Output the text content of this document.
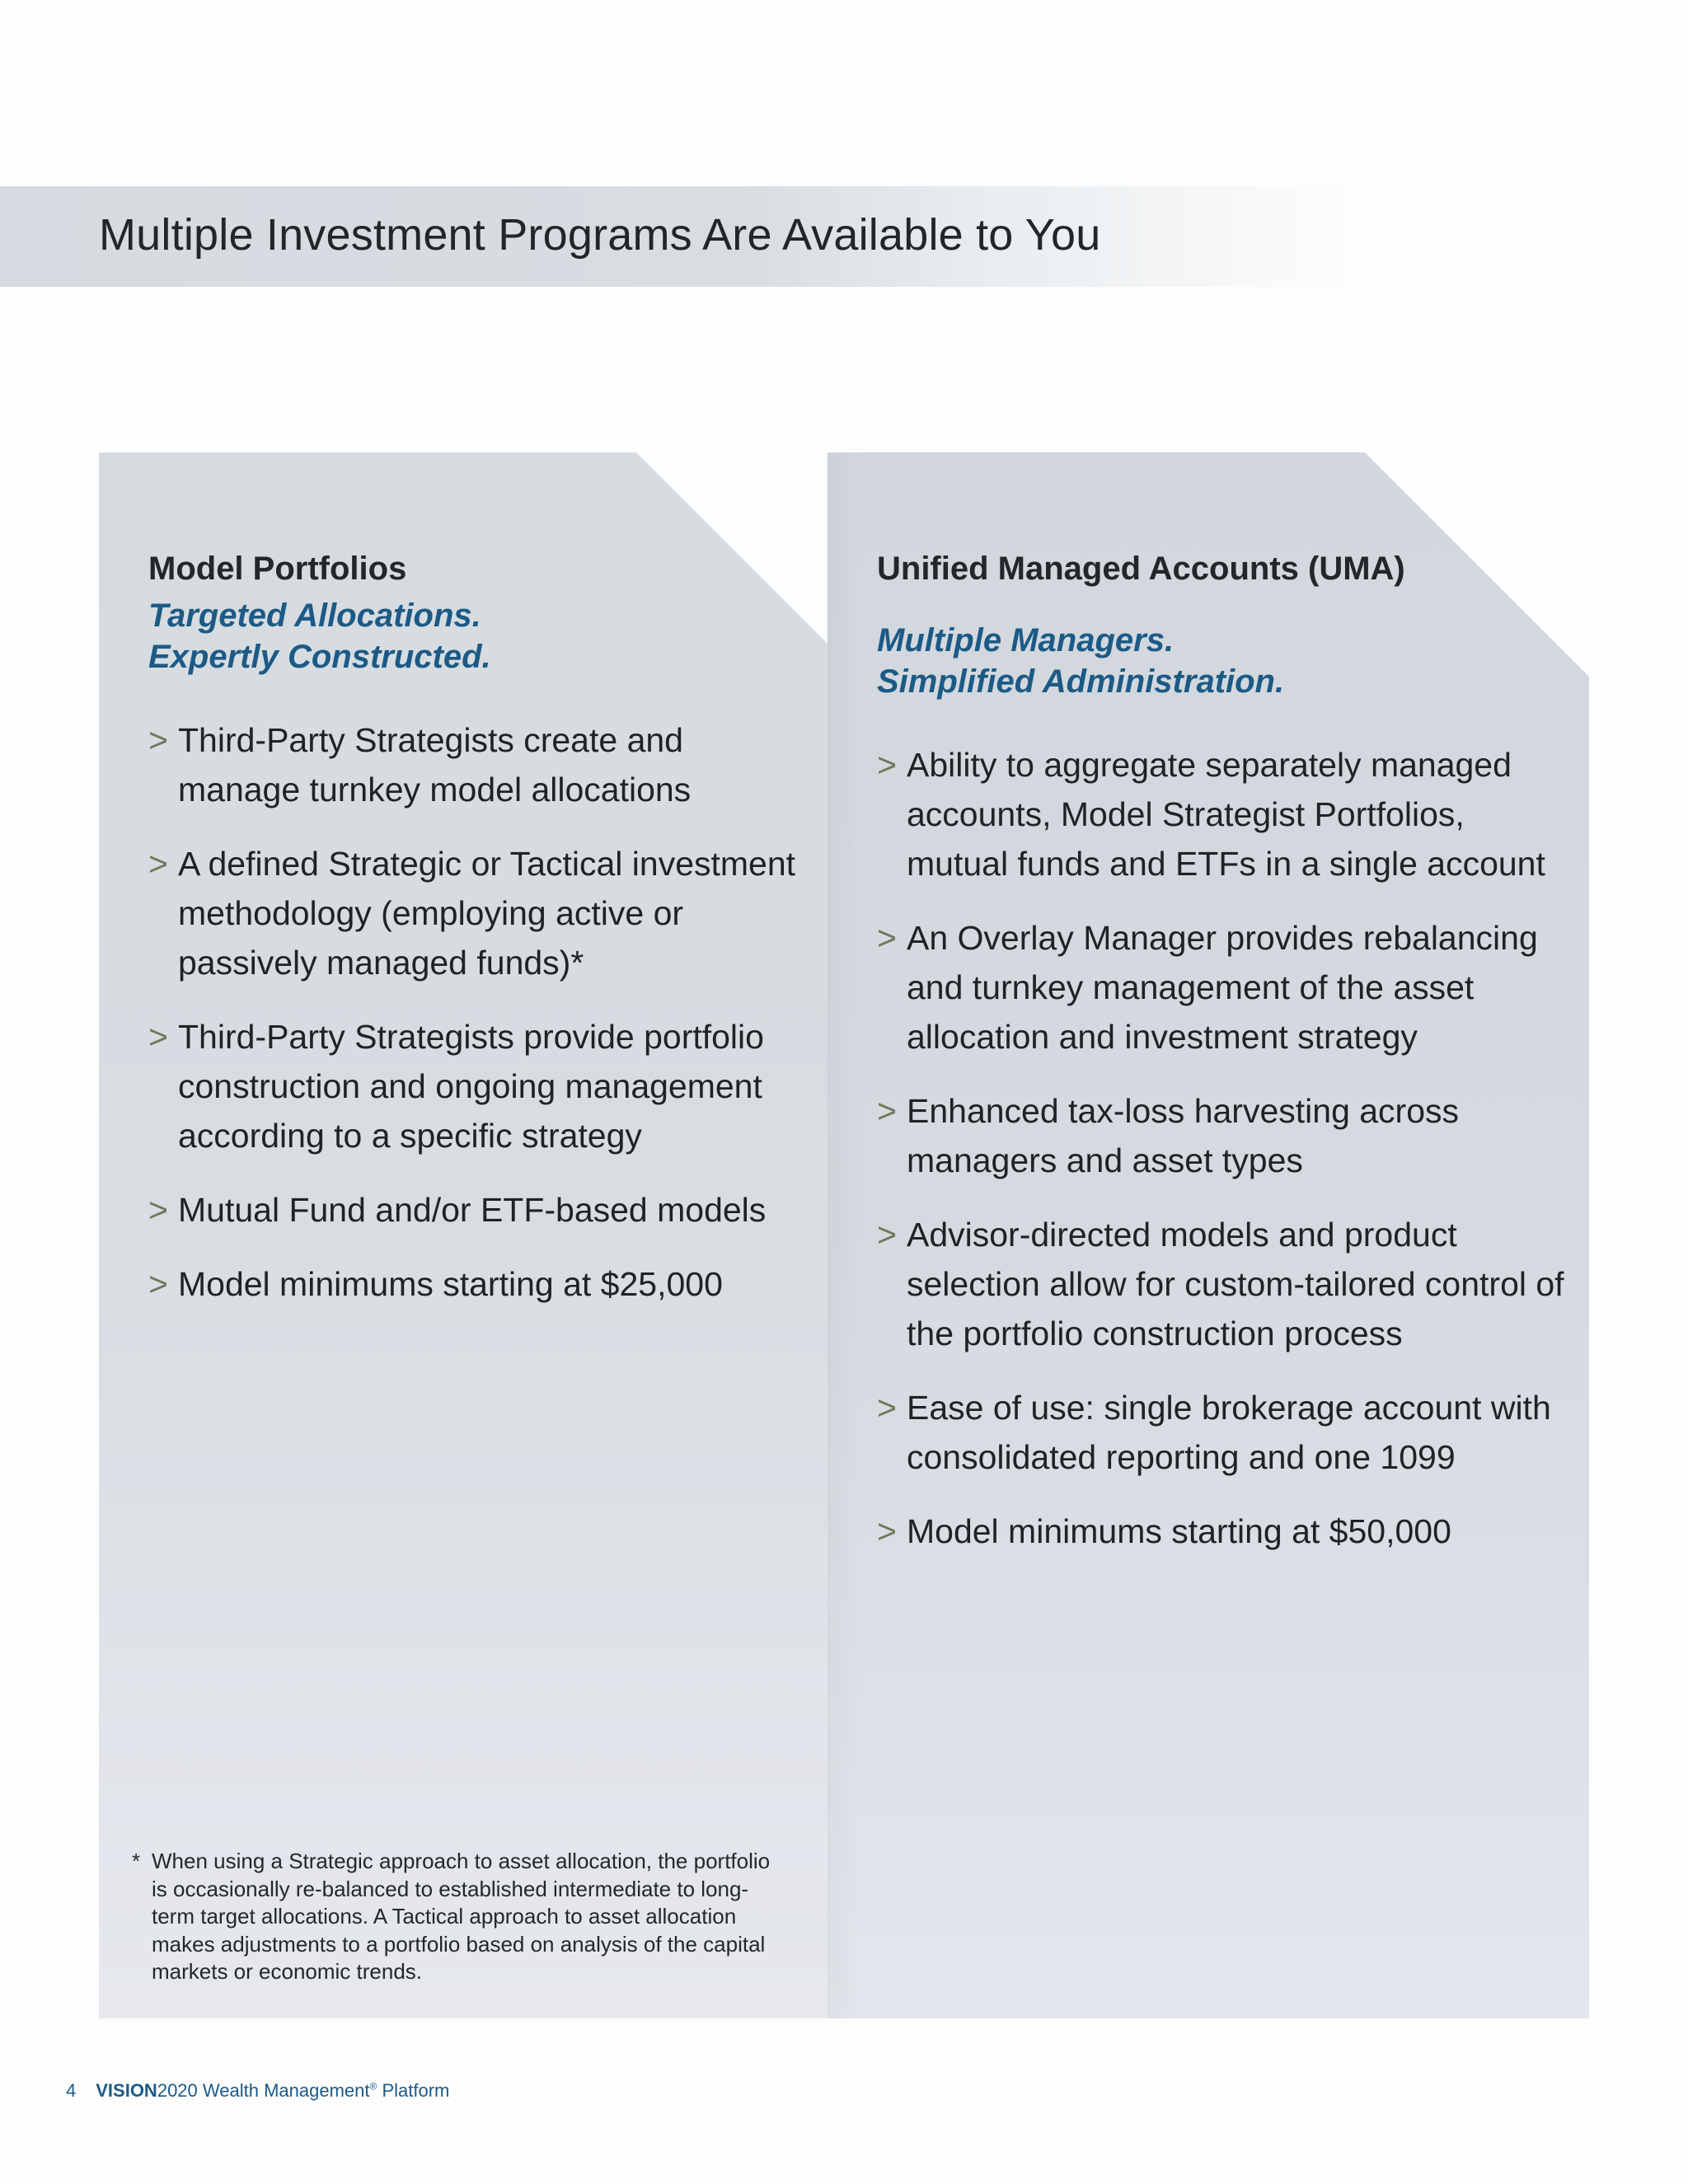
Multiple Investment Programs Are Available to You
Model Portfolios
Targeted Allocations.
Expertly Constructed.
> Third-Party Strategists create and manage turnkey model allocations
> A defined Strategic or Tactical investment methodology (employing active or passively managed funds)*
> Third-Party Strategists provide portfolio construction and ongoing management according to a specific strategy
> Mutual Fund and/or ETF-based models
> Model minimums starting at $25,000

* When using a Strategic approach to asset allocation, the portfolio is occasionally re-balanced to established intermediate to long-term target allocations. A Tactical approach to asset allocation makes adjustments to a portfolio based on analysis of the capital markets or economic trends.

Unified Managed Accounts (UMA)
Multiple Managers.
Simplified Administration.
> Ability to aggregate separately managed accounts, Model Strategist Portfolios, mutual funds and ETFs in a single account
> An Overlay Manager provides rebalancing and turnkey management of the asset allocation and investment strategy
> Enhanced tax-loss harvesting across managers and asset types
> Advisor-directed models and product selection allow for custom-tailored control of the portfolio construction process
> Ease of use: single brokerage account with consolidated reporting and one 1099
> Model minimums starting at $50,000
4 VISION2020 Wealth Management® Platform
